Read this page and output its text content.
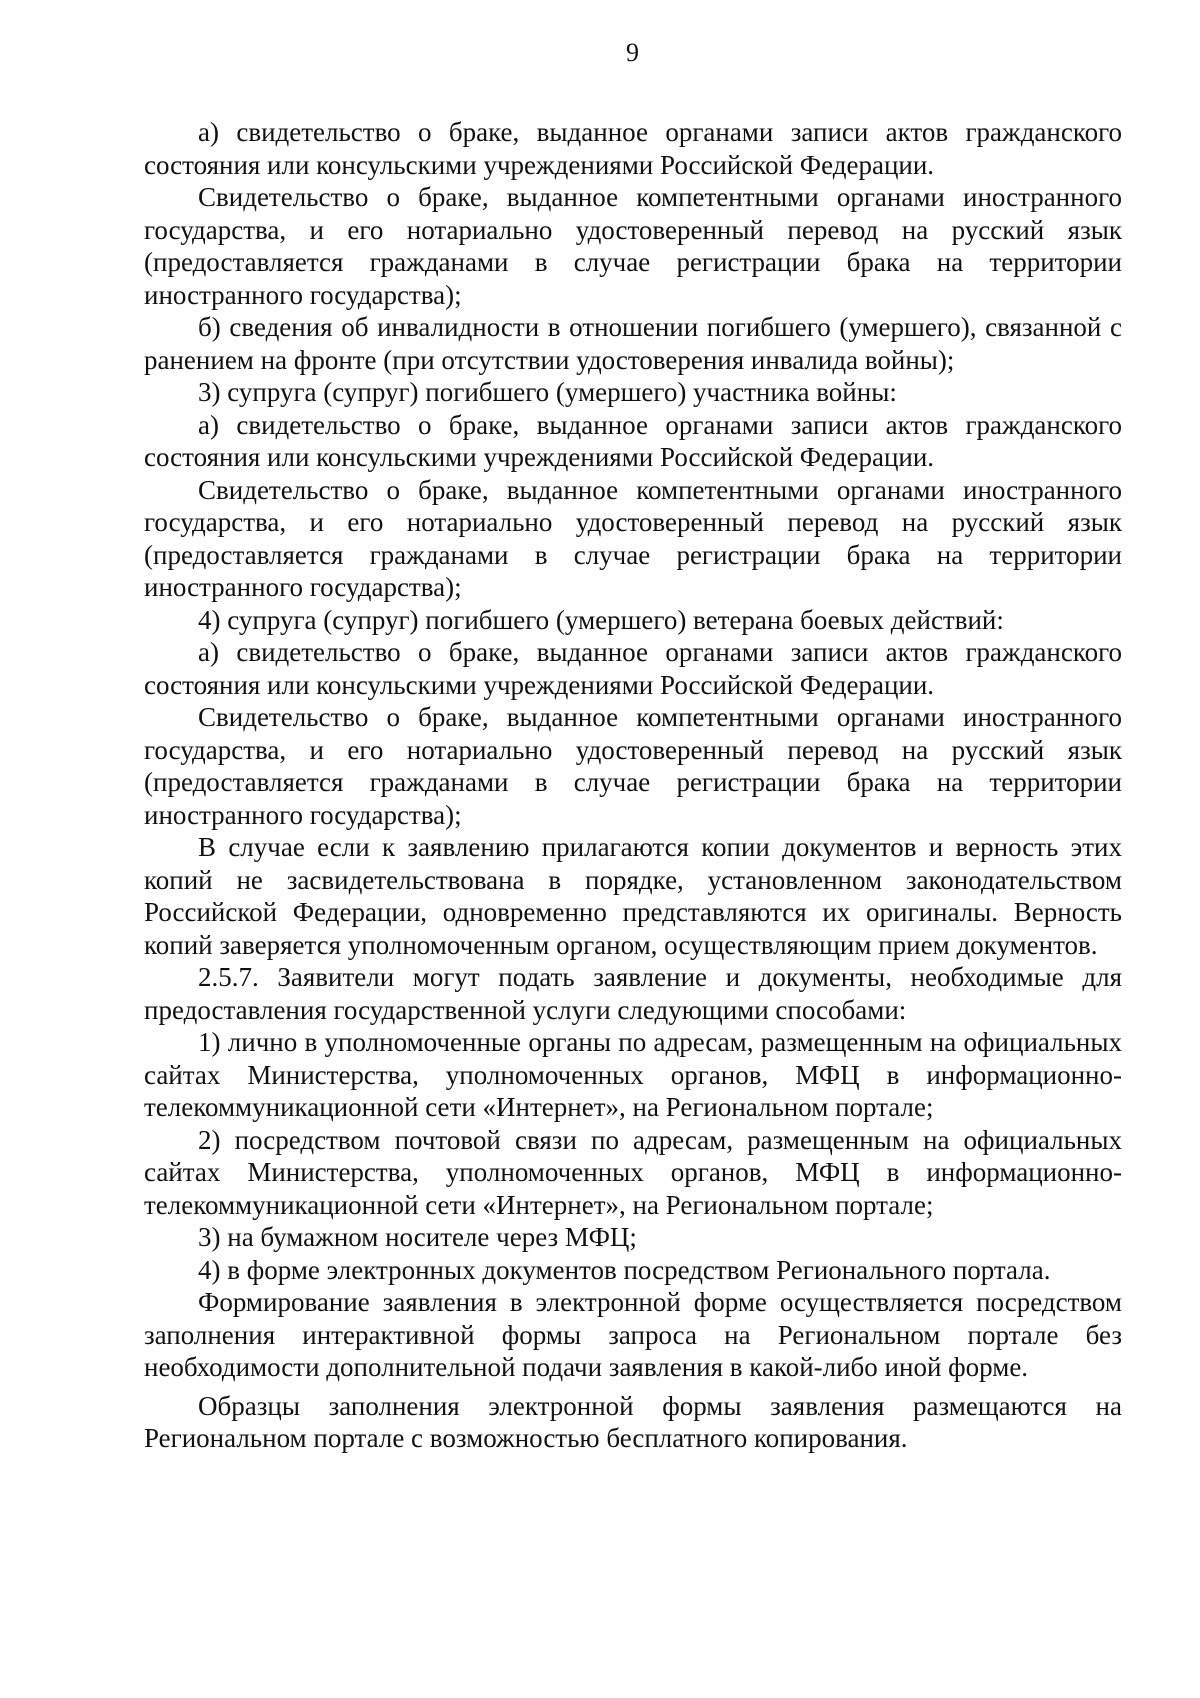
9

а) свидетельство о браке, выданное органами записи актов гражданского состояния или консульскими учреждениями Российской Федерации.

Свидетельство о браке, выданное компетентными органами иностранного государства, и его нотариально удостоверенный перевод на русский язык (предоставляется гражданами в случае регистрации брака на территории иностранного государства);

б) сведения об инвалидности в отношении погибшего (умершего), связанной с ранением на фронте (при отсутствии удостоверения инвалида войны);

3) супруга (супруг) погибшего (умершего) участника войны:

а) свидетельство о браке, выданное органами записи актов гражданского состояния или консульскими учреждениями Российской Федерации.

Свидетельство о браке, выданное компетентными органами иностранного государства, и его нотариально удостоверенный перевод на русский язык (предоставляется гражданами в случае регистрации брака на территории иностранного государства);

4) супруга (супруг) погибшего (умершего) ветерана боевых действий:

а) свидетельство о браке, выданное органами записи актов гражданского состояния или консульскими учреждениями Российской Федерации.

Свидетельство о браке, выданное компетентными органами иностранного государства, и его нотариально удостоверенный перевод на русский язык (предоставляется гражданами в случае регистрации брака на территории иностранного государства);

В случае если к заявлению прилагаются копии документов и верность этих копий не засвидетельствована в порядке, установленном законодательством Российской Федерации, одновременно представляются их оригиналы. Верность копий заверяется уполномоченным органом, осуществляющим прием документов.

2.5.7. Заявители могут подать заявление и документы, необходимые для предоставления государственной услуги следующими способами:

1) лично в уполномоченные органы по адресам, размещенным на официальных сайтах Министерства, уполномоченных органов, МФЦ в информационно-телекоммуникационной сети «Интернет», на Региональном портале;

2) посредством почтовой связи по адресам, размещенным на официальных сайтах Министерства, уполномоченных органов, МФЦ в информационно-телекоммуникационной сети «Интернет», на Региональном портале;

3) на бумажном носителе через МФЦ;

4) в форме электронных документов посредством Регионального портала.

Формирование заявления в электронной форме осуществляется посредством заполнения интерактивной формы запроса на Региональном портале без необходимости дополнительной подачи заявления в какой-либо иной форме.

Образцы заполнения электронной формы заявления размещаются на Региональном портале с возможностью бесплатного копирования.
